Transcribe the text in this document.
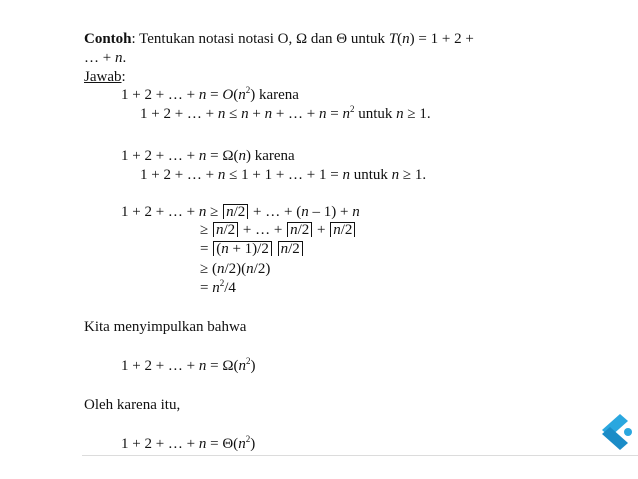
Contoh: Tentukan notasi notasi O, Ω dan Θ untuk T(n) = 1 + 2 +
… + n.
Jawab:
1 + 2 + … + $n = O(n^2)$ karena
1 + 2 + … + n ≤ n + n + … + $n = n^2$ untuk n ≥ 1.
1 + 2 + … + n = Ω(n) karena
1 + 2 + … + n ≤ 1 + 1 + … + 1 = n untuk n ≥ 1.
1 + 2 + … + n ≥ n/2 + … + (n – 1) + n
≥ n/2 + … + n/2 + n/2
= (n + 1)/2 n/2
≥ (n/2)(n/2)
= $n^2/4$
Kita menyimpulkan bahwa
1 + 2 + … + $n = \Omega(n^2)$
Oleh karena itu,
1 + 2 + … + $n = \Theta(n^2)$
